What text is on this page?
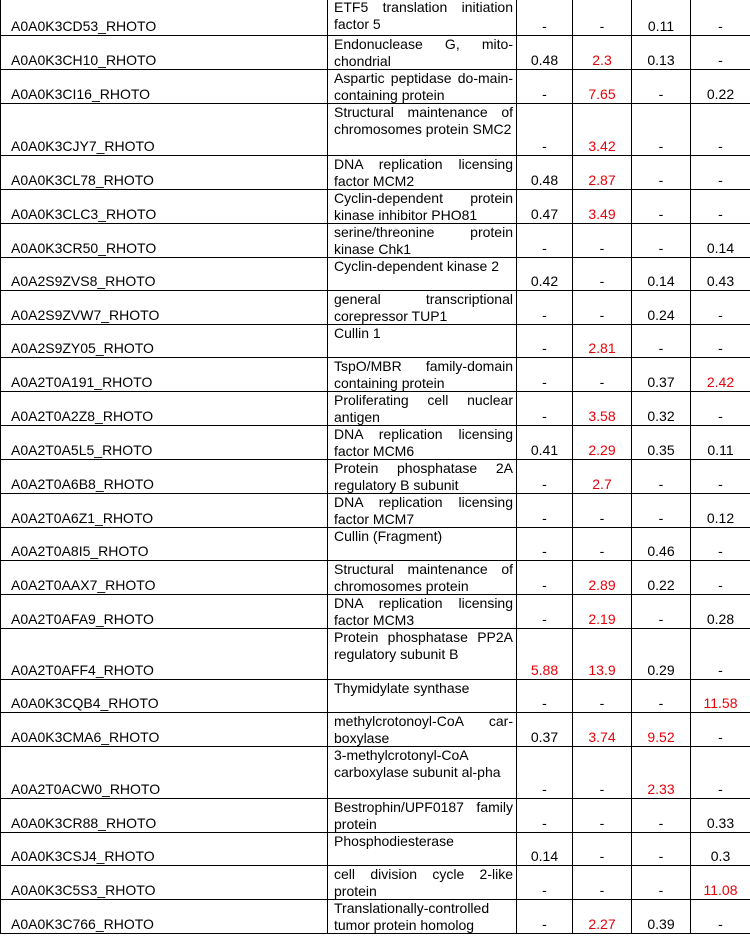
A0A0K3CD53_RHOTO	ETF5 translation initiation factor 5	-	-	0.11	-
A0A0K3CH10_RHOTO	Endonuclease G, mito-chondrial	0.48	2.3	0.13	-
A0A0K3CI16_RHOTO	Aspartic peptidase do-main-containing protein	-	7.65	-	0.22
A0A0K3CJY7_RHOTO	Structural maintenance of chromosomes protein SMC2	-	3.42	-	-
A0A0K3CL78_RHOTO	DNA replication licensing factor MCM2	0.48	2.87	-	-
A0A0K3CLC3_RHOTO	Cyclin-dependent protein kinase inhibitor PHO81	0.47	3.49	-	-
A0A0K3CR50_RHOTO	serine/threonine protein kinase Chk1	-	-	-	0.14
A0A2S9ZVS8_RHOTO	Cyclin-dependent kinase 2	0.42	-	0.14	0.43
A0A2S9ZVW7_RHOTO	general transcriptional corepressor TUP1	-	-	0.24	-
A0A2S9ZY05_RHOTO	Cullin 1	-	2.81	-	-
A0A2T0A191_RHOTO	TspO/MBR family-domain containing protein	-	-	0.37	2.42
A0A2T0A2Z8_RHOTO	Proliferating cell nuclear antigen	-	3.58	0.32	-
A0A2T0A5L5_RHOTO	DNA replication licensing factor MCM6	0.41	2.29	0.35	0.11
A0A2T0A6B8_RHOTO	Protein phosphatase 2A regulatory B subunit	-	2.7	-	-
A0A2T0A6Z1_RHOTO	DNA replication licensing factor MCM7	-	-	-	0.12
A0A2T0A8I5_RHOTO	Cullin (Fragment)	-	-	0.46	-
A0A2T0AAX7_RHOTO	Structural maintenance of chromosomes protein	-	2.89	0.22	-
A0A2T0AFA9_RHOTO	DNA replication licensing factor MCM3	-	2.19	-	0.28
A0A2T0AFF4_RHOTO	Protein phosphatase PP2A regulatory subunit B	5.88	13.9	0.29	-
A0A0K3CQB4_RHOTO	Thymidylate synthase	-	-	-	11.58
A0A0K3CMA6_RHOTO	methylcrotonoyl-CoA car-boxylase	0.37	3.74	9.52	-
A0A2T0ACW0_RHOTO	3-methylcrotonyl-CoA carboxylase subunit al-pha	-	-	2.33	-
A0A0K3CR88_RHOTO	Bestrophin/UPF0187 family protein	-	-	-	0.33
A0A0K3CSJ4_RHOTO	Phosphodiesterase	0.14	-	-	0.3
A0A0K3C5S3_RHOTO	cell division cycle 2-like protein	-	-	-	11.08
A0A0K3C766_RHOTO	Translationally-controlled tumor protein homolog	-	2.27	0.39	-
